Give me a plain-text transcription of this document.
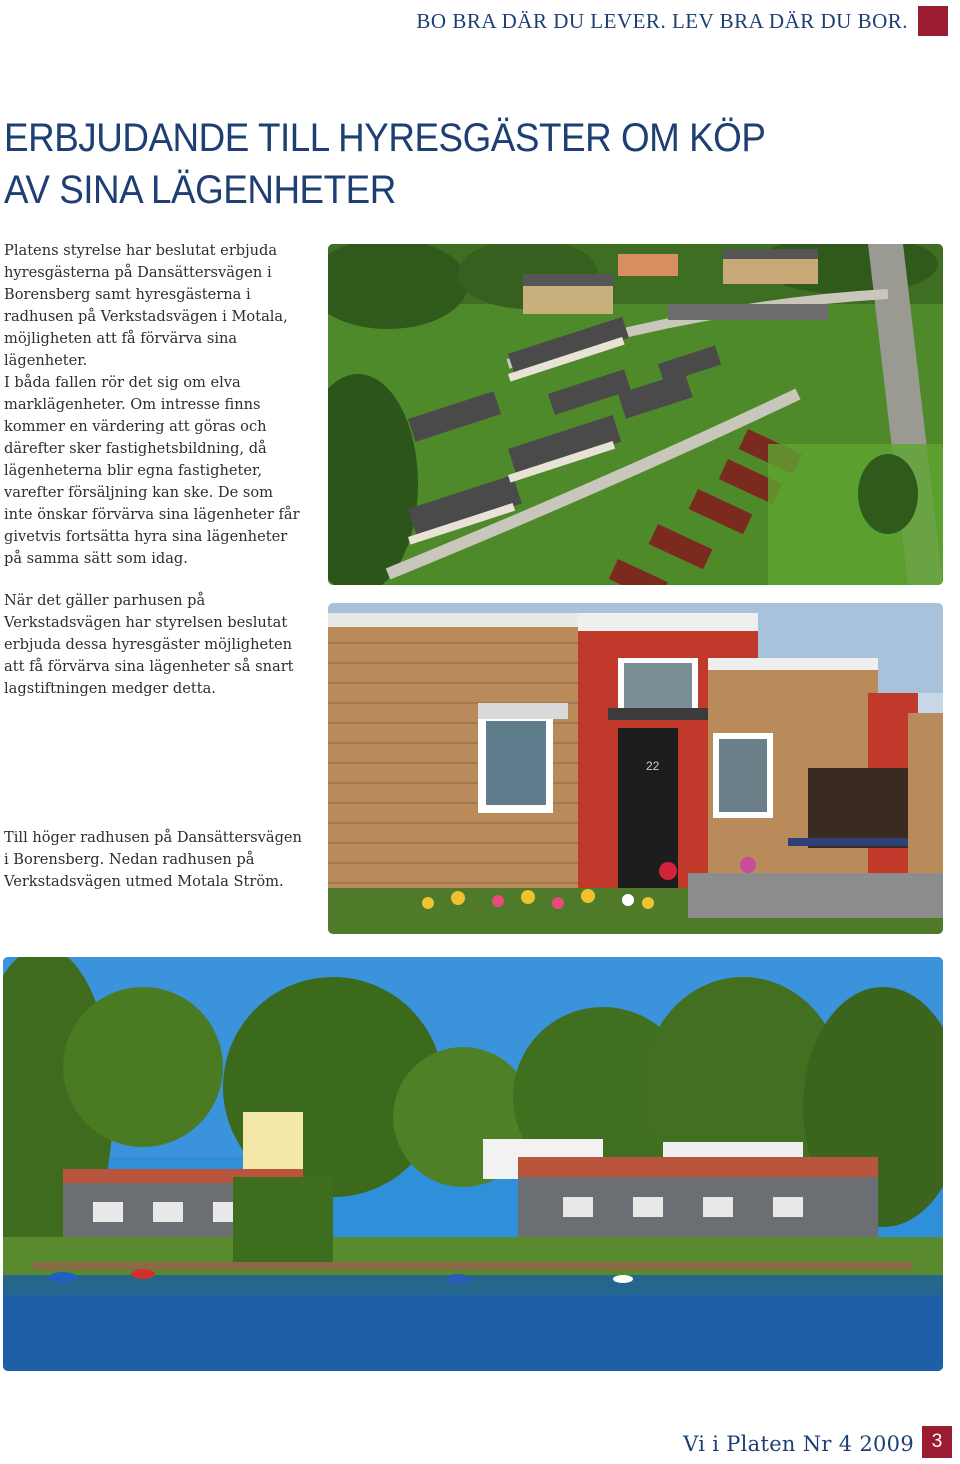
BO BRA DÄR DU LEVER. LEV BRA DÄR DU BOR.
ERBJUDANDE TILL HYRESGÄSTER OM KÖP
AV SINA LÄGENHETER

Platens styrelse har beslutat erbjuda hyresgästerna på Dansättersvägen i Borensberg samt hyresgästerna i radhusen på Verkstadsvägen i Motala, möjligheten att få förvärva sina lägenheter.

I båda fallen rör det sig om elva marklägenheter. Om intresse finns kommer en värdering att göras och därefter sker fastighetsbildning, då lägenheterna blir egna fastigheter, varefter försäljning kan ske. De som inte önskar förvärva sina lägenheter får givetvis fortsätta hyra sina lägenheter på samma sätt som idag.

När det gäller parhusen på Verkstadsvägen har styrelsen beslutat erbjuda dessa hyresgäster möjligheten att få förvärva sina lägenheter så snart lagstiftningen medger detta.

Till höger radhusen på Dansättersvägen i Borensberg. Nedan radhusen på Verkstadsvägen utmed Motala Ström.

22
Vi i Platen Nr 4 2009 3
